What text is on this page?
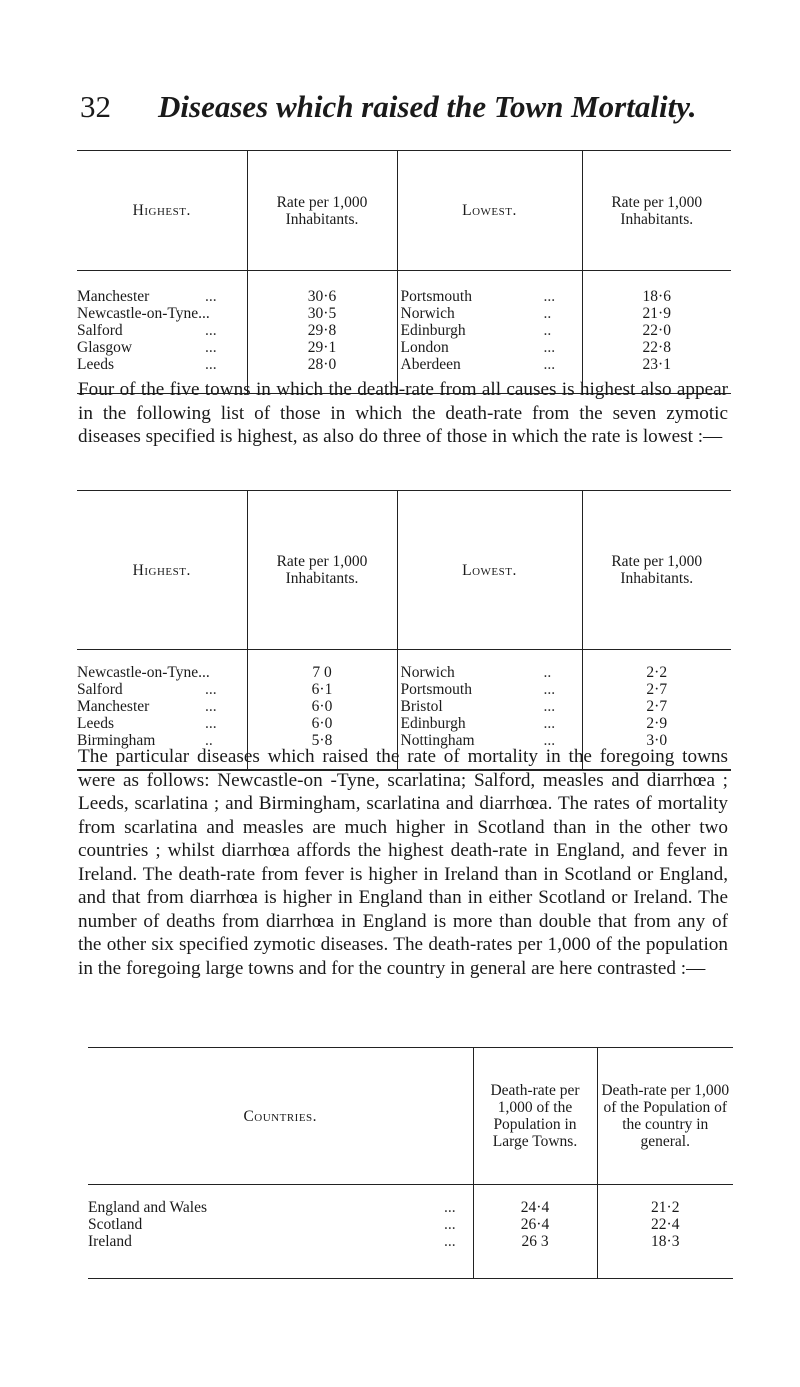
32 Diseases which raised the Town Mortality.
Highest.	Rate per 1,000 Inhabitants.	Lowest.	Rate per 1,000 Inhabitants.

Manchester ...	30·6	Portsmouth ...	18·6
Newcastle-on-Tyne...	30·5	Norwich ..	21·9
Salford ...	29·8	Edinburgh ..	22·0
Glasgow ...	29·1	London ...	22·8
Leeds ...	28·0	Aberdeen ...	23·1
Four of the five towns in which the death-rate from all causes is highest also appear in the following list of those in which the death-rate from the seven zymotic diseases specified is highest, as also do three of those in which the rate is lowest :—
Highest.	Rate per 1,000 Inhabitants.	Lowest.	Rate per 1,000 Inhabitants.

Newcastle-on-Tyne...	7 0	Norwich ..	2·2
Salford ...	6·1	Portsmouth ...	2·7
Manchester ...	6·0	Bristol ...	2·7
Leeds ...	6·0	Edinburgh ...	2·9
Birmingham ..	5·8	Nottingham ...	3·0
The particular diseases which raised the rate of mortality in the foregoing towns were as follows: Newcastle-on -Tyne, scarlatina; Salford, measles and diarrhœa ; Leeds, scarlatina ; and Birmingham, scarlatina and diarrhœa. The rates of mortality from scarlatina and measles are much higher in Scotland than in the other two countries ; whilst diarrhœa affords the highest death-rate in England, and fever in Ireland. The death-rate from fever is higher in Ireland than in Scotland or England, and that from diarrhœa is higher in England than in either Scotland or Ireland. The number of deaths from diarrhœa in England is more than double that from any of the other six specified zymotic diseases. The death-rates per 1,000 of the population in the foregoing large towns and for the country in general are here contrasted :—
Countries.	Death-rate per 1,000 of the Population in Large Towns.	Death-rate per 1,000 of the Population of the country in general.

England and Wales ...	24·4	21·2
Scotland ...	26·4	22·4
Ireland ...	26 3	18·3
